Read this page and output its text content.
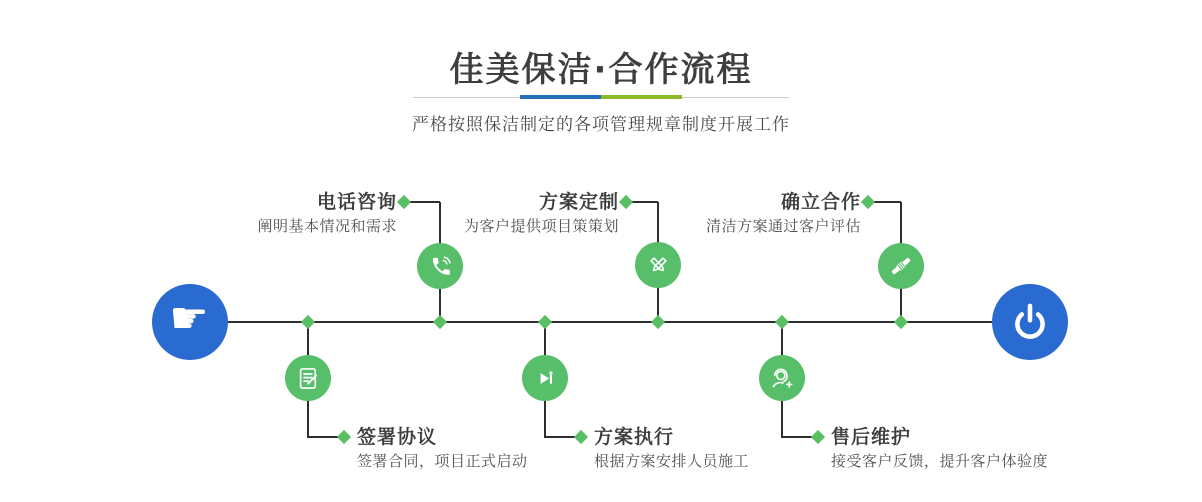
佳美保洁·合作流程
严格按照保洁制定的各项管理规章制度开展工作
☛
电话咨询
阐明基本情况和需求
方案定制
为客户提供项目策策划
确立合作
清洁方案通过客户评估
签署协议
签署合同，项目正式启动
方案执行
根据方案安排人员施工
售后维护
接受客户反馈，提升客户体验度
